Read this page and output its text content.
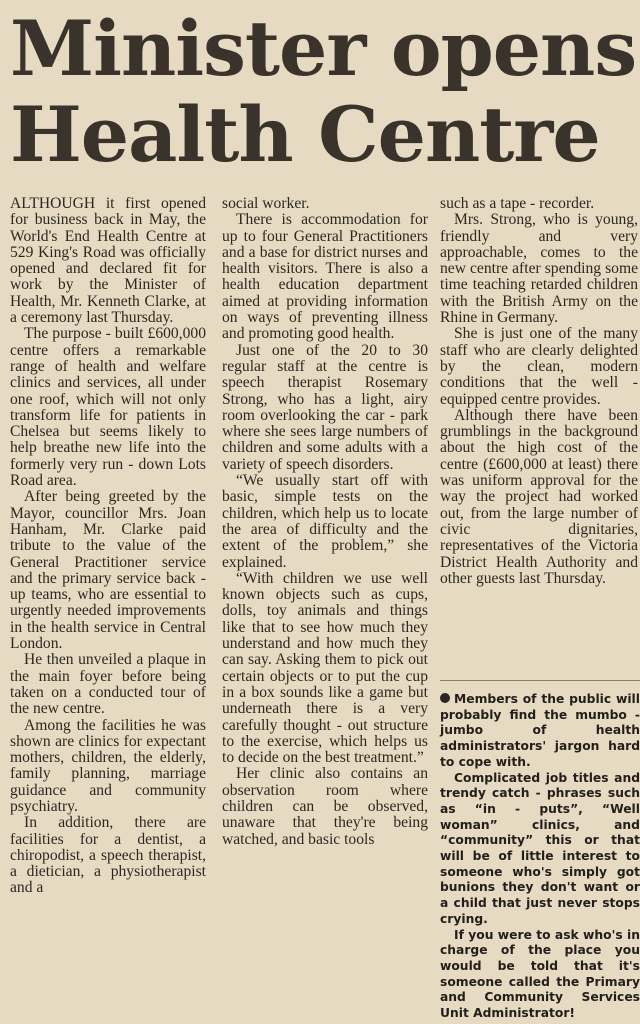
Minister opens
Health Centre

ALTHOUGH it first opened for business back in May, the World's End Health Centre at 529 King's Road was officially opened and declared fit for work by the Minister of Health, Mr. Kenneth Clarke, at a ceremony last Thursday.

The purpose - built £600,000 centre offers a remarkable range of health and welfare clinics and services, all under one roof, which will not only transform life for patients in Chelsea but seems likely to help breathe new life into the formerly very run - down Lots Road area.

After being greeted by the Mayor, councillor Mrs. Joan Hanham, Mr. Clarke paid tribute to the value of the General Practitioner service and the primary service back - up teams, who are essential to urgently needed improvements in the health service in Central London.

He then unveiled a plaque in the main foyer before being taken on a conducted tour of the new centre.

Among the facilities he was shown are clinics for expectant mothers, children, the elderly, family planning, marriage guidance and community psychiatry.

In addition, there are facilities for a dentist, a chiropodist, a speech therapist, a dietician, a physiotherapist and a

social worker.

There is accommodation for up to four General Practitioners and a base for district nurses and health visitors. There is also a health education department aimed at providing information on ways of preventing illness and promoting good health.

Just one of the 20 to 30 regular staff at the centre is speech therapist Rosemary Strong, who has a light, airy room overlooking the car - park where she sees large numbers of children and some adults with a variety of speech disorders.

“We usually start off with basic, simple tests on the children, which help us to locate the area of difficulty and the extent of the problem,” she explained.

“With children we use well known objects such as cups, dolls, toy animals and things like that to see how much they understand and how much they can say. Asking them to pick out certain objects or to put the cup in a box sounds like a game but underneath there is a very carefully thought - out structure to the exercise, which helps us to decide on the best treatment.”

Her clinic also contains an observation room where children can be observed, unaware that they're being watched, and basic tools

such as a tape - recorder.

Mrs. Strong, who is young, friendly and very approachable, comes to the new centre after spending some time teaching retarded children with the British Army on the Rhine in Germany.

She is just one of the many staff who are clearly delighted by the clean, modern conditions that the well - equipped centre provides.

Although there have been grumblings in the background about the high cost of the centre (£600,000 at least) there was uniform approval for the way the project had worked out, from the large number of civic dignitaries, representatives of the Victoria District Health Authority and other guests last Thursday.

Members of the public will probably find the mumbo - jumbo of health administrators' jargon hard to cope with.

Complicated job titles and trendy catch - phrases such as “in - puts”, “Well woman” clinics, and “community” this or that will be of little interest to someone who's simply got bunions they don't want or a child that just never stops crying.

If you were to ask who's in charge of the place you would be told that it's someone called the Primary and Community Services Unit Administrator!
